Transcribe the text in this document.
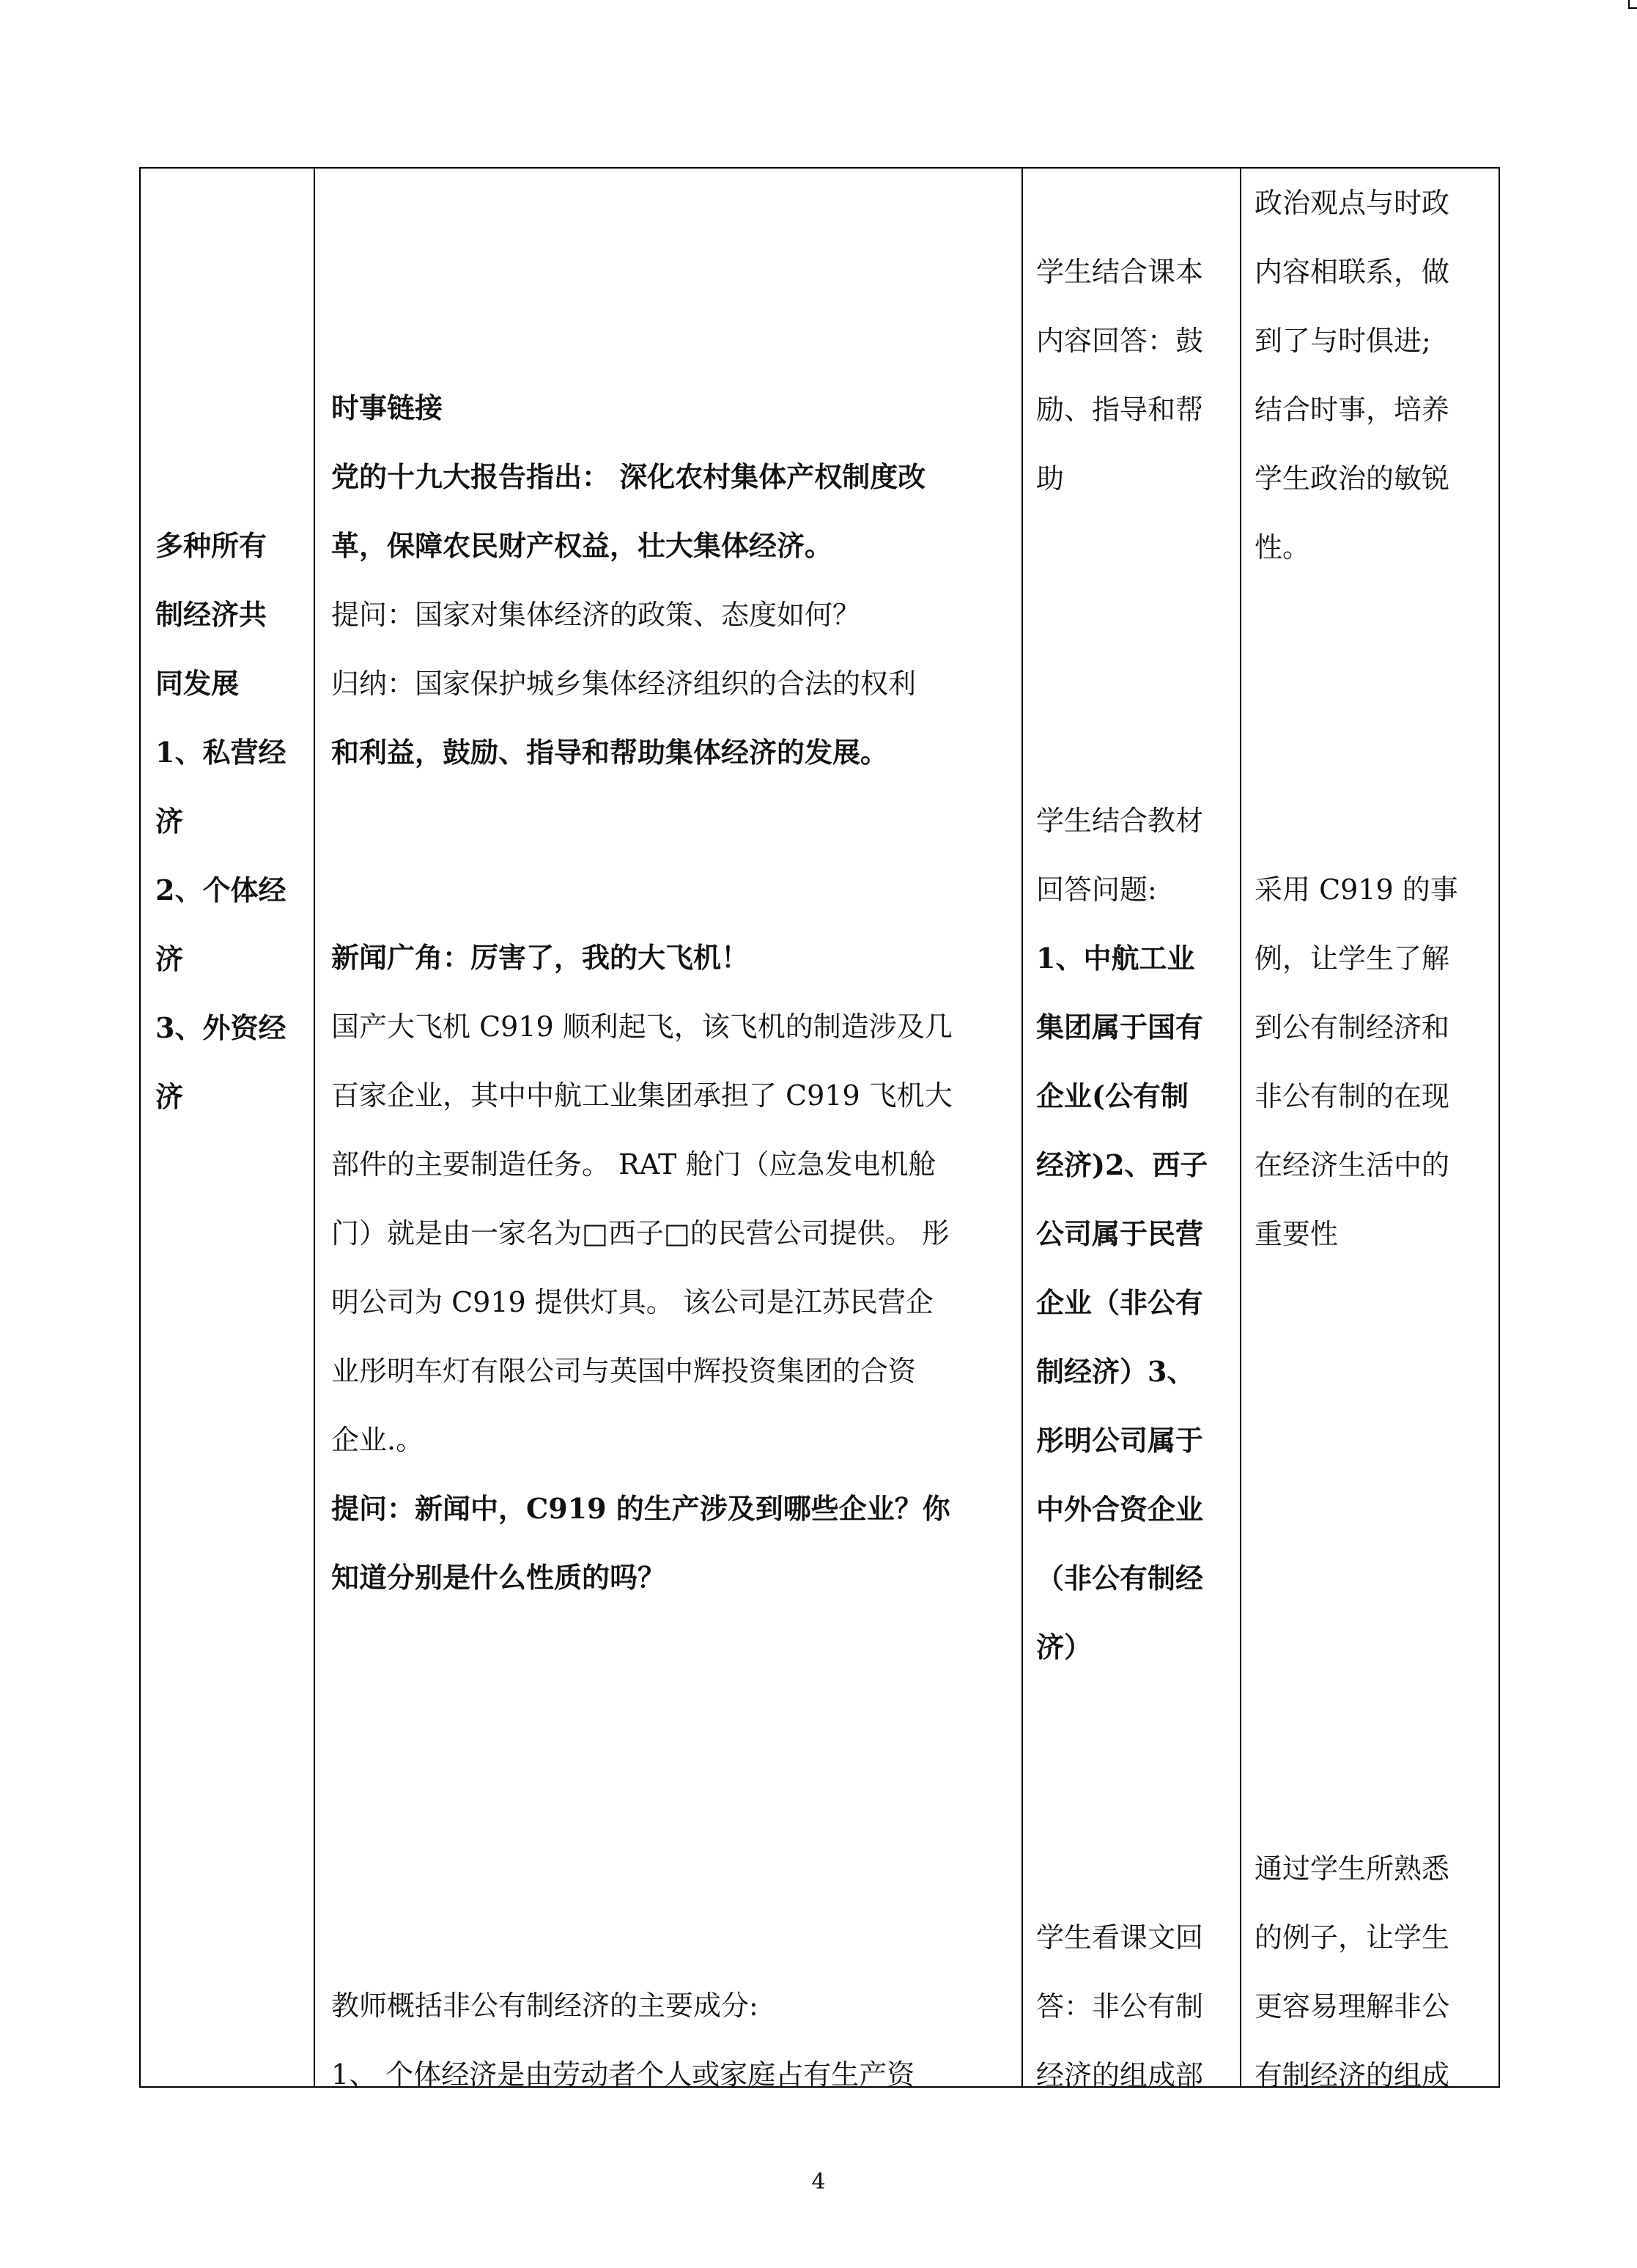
多种所有
制经济共
同发展
1、私营经
济
2、个体经
济
3、外资经
济
时事链接
党的十九大报告指出： 深化农村集体产权制度改
革，保障农民财产权益，壮大集体经济。
提问：国家对集体经济的政策、态度如何？
归纳：国家保护城乡集体经济组织的合法的权利
和利益，鼓励、指导和帮助集体经济的发展。
新闻广角：厉害了，我的大飞机！
国产大飞机 C919 顺利起飞，该飞机的制造涉及几
百家企业，其中中航工业集团承担了 C919 飞机大
部件的主要制造任务。 RAT 舱门（应急发电机舱
门）就是由一家名为□西子□的民营公司提供。 彤
明公司为 C919 提供灯具。 该公司是江苏民营企
业彤明车灯有限公司与英国中辉投资集团的合资
企业.。
提问：新闻中，C919 的生产涉及到哪些企业？你
知道分别是什么性质的吗？
教师概括非公有制经济的主要成分:
1、 个体经济是由劳动者个人或家庭占有生产资
学生结合课本
内容回答：鼓
励、指导和帮
助
学生结合教材
回答问题:
1、中航工业
集团属于国有
企业(公有制
经济)2、西子
公司属于民营
企业（非公有
制经济）3、
彤明公司属于
中外合资企业
（非公有制经
济）
学生看课文回
答：非公有制
经济的组成部
政治观点与时政
内容相联系，做
到了与时俱进;
结合时事，培养
学生政治的敏锐
性。
采用 C919 的事
例，让学生了解
到公有制经济和
非公有制的在现
在经济生活中的
重要性
通过学生所熟悉
的例子，让学生
更容易理解非公
有制经济的组成
4
